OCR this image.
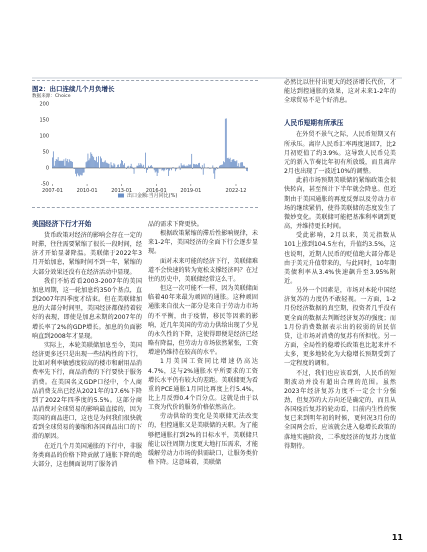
图2：出口连续几个月负增长
数据来源：Choice
-50
0
50
100
150
200
2007-01	2010-01	2013-01	2016-01	2019-01	2022-12
出口金额:当月同比(%)
美国经济下行才开始

货币政策对经济的影响会存在一定的时滞，往往需要紧缩了很长一段时间，经济才开始显著降温。美联储于2022年3月开始加息，紧缩时间不到一年，紧缩的大部分效果还没有在经济活动中显现。

我们不妨看看2003-2007年的美国加息周期，这一轮加息约350个基点，直到2007年四季度才结束。但在美联储加息的大部分时间里，美国经济都保持着较好的表现，即使是加息未期的2007年的增长率了2%的GDP增长。加息的负面影响直到2008年才显现。

实际上，本轮美联储加息至今，美国经济更多还只是出现一些结构性的下行，比如对利率敏感度较高的楼市和耐用品消费率先下行，商品消费的下行要快于服务消费。在美国名义GDP口径中，个人商品消费支出已经从2021年的17.6%下降到了2022年四季度的5.5%。这部分商品消费对全球贸易的影响最直接的，因为美国的商品进口，这也是为何我们很快就看到全球贸易的萎缩和各国商品出口的下滑的原因。

在近几个月美国通胀的下行中，非服务类商品的价格下降贡献了通胀下降的绝大部分，这也侧面说明了服务消

品的需求下降更快。

根据政策紧缩的滞后性影响规律，未来1-2年，美国经济的全面下行会逐步显现。

面对未来可能的经济下行，美联储难道不会快速的转为宽松支撑经济吗？在过往的历史中，美联储经常这么干。

但这一次可能不一样，因为美联储面临着40年来最为顽固的通胀。这种顽固通胀来自很大一部分是来自于劳动力市场的不平衡，由于疫情，移民等因素的影响，近几年美国的劳动力供给出现了少见的永久性的下降，这使得即便是经济已经略有降温，但劳动力市场依然紧张，工资增速仍维持在较高的水平。

1月美国工资同比增速仍高达4.7%，这与2%通胀水平所要求的工资增长水平仍有较大的差距。美联储更为看重的PCE通胀1月同比再度上行5.4%，比上月反弹0.4个百分点。这就是由于以工资为代价的服务价格依然高企。

劳动供给的变化是美联储无法改变的，但控通胀又是美联储的天职。为了能够把通胀打到2%的目标水平，美联储只能让以往周期力度更大地打压需求，才能缓解劳动力市场的供需缺口，让服务类价格下降。这意味着，美联储

必然比以往付出更大的经济增长代价，才能达到控通胀的效果，这对未来1-2年的全球贸易不是个好消息。

人民币短期有所承压

在外贸不景气之际，人民币短期又有所承压。离岸人民币汇率再度退回7，比2月初贬值了约3.9%。这导致人民币兑美元的新入节奏比年初有所放缓，而且离岸2月也出现了一波近10%的调整。

此前市场预期美联储的紧缩政策会很快转向，甚至预计下半年就会降息。但近期由于美国通胀的再度反弹以及劳动力市场的继续紧俏，使得美联储的态度发生了微妙变化。美联储可能把基准利率调到更高，并维持更长时间。

受此影响，2月以来，美元指数从101上涨到104.5左右，升值约3.5%，这也说明，近期人民币的贬值绝大部分都是由于美元升值带来的，与此同时，10年期美债利率从3.4%快速飙升至3.95%附近。

另外一个因素是，市场对本轮中国经济复苏的力度仍不敢轻视。一方面，1-2月份经济数据的真空期，投资者几乎没有更全面的数据去判断经济复苏的强度；而1月份消费数据表示出的较弱的居民信贷，让市场对消费的复苏有所担忧。另一方面，全局性的稳增长政策也比起来并不太多，更多地转化为大稳增长预期受到了一定程度的调和。

不过，我们也应该看到，人民币的短期波动并没有超出合理的范围。虽然2023年经济复苏力度不一定会十分强劲，但复苏的大方向还是确定的，而且从各国疫后复苏的轮动看，目前内生性的恢复已来到明年初的时候，更何况3月份的全国两会后，应该就会进入稳增长政策的落地实施阶段，二季度经济的复苏力度值得期待。

11
